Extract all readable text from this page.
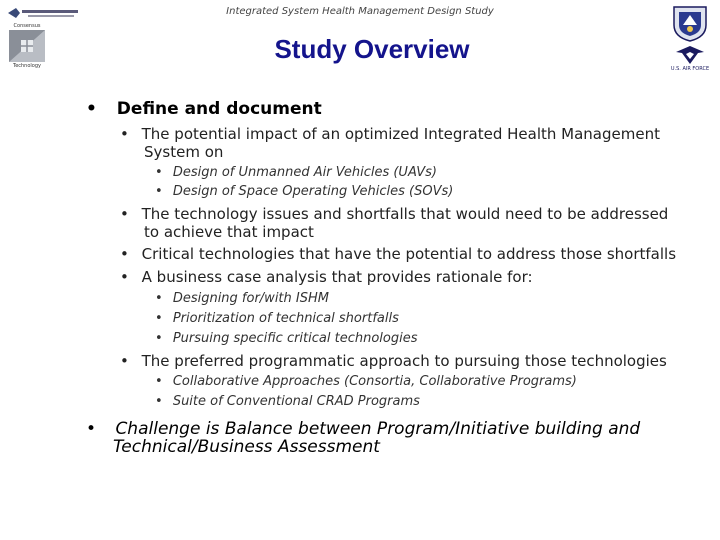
Integrated System Health Management Design Study
Study Overview
Consensus
Technology	U.S. AIR FORCE
• Define and document
• The potential impact of an optimized Integrated Health Management
System on
• Design of Unmanned Air Vehicles (UAVs)
• Design of Space Operating Vehicles (SOVs)
• The technology issues and shortfalls that would need to be addressed
to achieve that impact
• Critical technologies that have the potential to address those shortfalls
• A business case analysis that provides rationale for:
• Designing for/with ISHM
• Prioritization of technical shortfalls
• Pursuing specific critical technologies
• The preferred programmatic approach to pursuing those technologies
• Collaborative Approaches (Consortia, Collaborative Programs)
• Suite of Conventional CRAD Programs
• Challenge is Balance between Program/Initiative building and
Technical/Business Assessment
